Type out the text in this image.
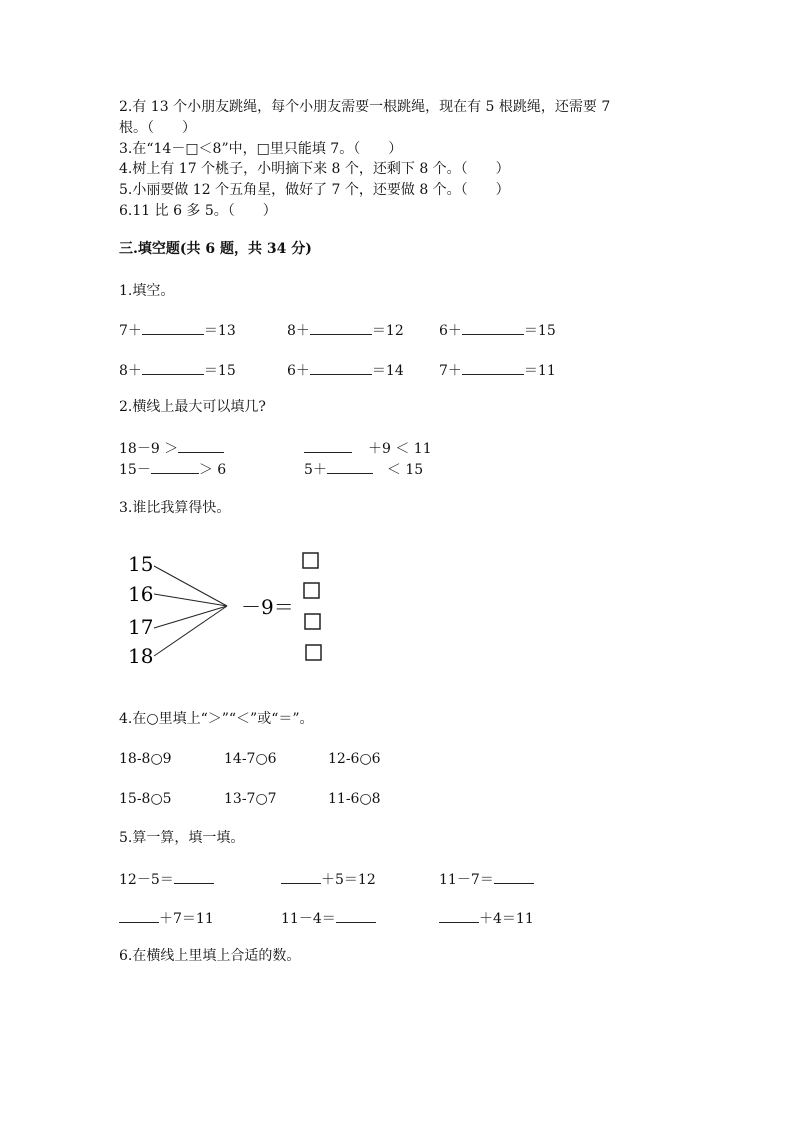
2.有 13 个小朋友跳绳，每个小朋友需要一根跳绳，现在有 5 根跳绳，还需要 7
根。（　　）
3.在“14－□＜8”中，□里只能填 7。（　　）
4.树上有 17 个桃子，小明摘下来 8 个，还剩下 8 个。（　　）
5.小丽要做 12 个五角星，做好了 7 个，还要做 8 个。（　　）
6.11 比 6 多 5。（　　）
三.填空题(共 6 题，共 34 分)
1.填空。
7＋	＝13	8＋	＝12	6＋	＝15
8＋	＝15	6＋	＝14	7＋	＝11
2.横线上最大可以填几?
18－9 ＞	＋9 ＜ 11
15－	＞ 6	5＋	＜ 15
3.谁比我算得快。
15
16
17
18
－9＝
4.在○里填上“＞”“＜”或“＝”。
18-8○9	14-7○6	12-6○6
15-8○5	13-7○7	11-6○8
5.算一算，填一填。
12－5＝	＋5＝12	11－7＝
＋7＝11	11－4＝	＋4＝11
6.在横线上里填上合适的数。
